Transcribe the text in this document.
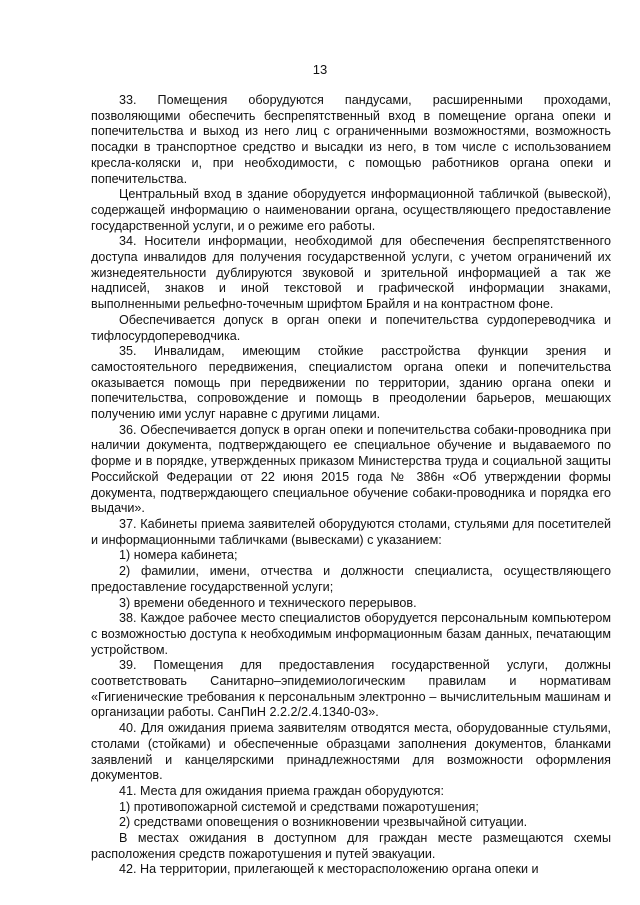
13

33. Помещения оборудуются пандусами, расширенными проходами, позволяющими обеспечить беспрепятственный вход в помещение органа опеки и попечительства и выход из него лиц с ограниченными возможностями, возможность посадки в транспортное средство и высадки из него, в том числе с использованием кресла-коляски и, при необходимости, с помощью работников органа опеки и попечительства.

Центральный вход в здание оборудуется информационной табличкой (вывеской), содержащей информацию о наименовании органа, осуществляющего предоставление государственной услуги, и о режиме его работы.

34. Носители информации, необходимой для обеспечения беспрепятственного доступа инвалидов для получения государственной услуги, с учетом ограничений их жизнедеятельности дублируются звуковой и зрительной информацией а так же надписей, знаков и иной текстовой и графической информации знаками, выполненными рельефно-точечным шрифтом Брайля и на контрастном фоне.

Обеспечивается допуск в орган опеки и попечительства сурдопереводчика и тифлосурдопереводчика.

35. Инвалидам, имеющим стойкие расстройства функции зрения и самостоятельного передвижения, специалистом органа опеки и попечительства оказывается помощь при передвижении по территории, зданию органа опеки и попечительства, сопровождение и помощь в преодолении барьеров, мешающих получению ими услуг наравне с другими лицами.

36. Обеспечивается допуск в орган опеки и попечительства собаки-проводника при наличии документа, подтверждающего ее специальное обучение и выдаваемого по форме и в порядке, утвержденных приказом Министерства труда и социальной защиты Российской Федерации от 22 июня 2015 года № 386н «Об утверждении формы документа, подтверждающего специальное обучение собаки-проводника и порядка его выдачи».

37. Кабинеты приема заявителей оборудуются столами, стульями для посетителей и информационными табличками (вывесками) с указанием:

1) номера кабинета;

2) фамилии, имени, отчества и должности специалиста, осуществляющего предоставление государственной услуги;

3) времени обеденного и технического перерывов.

38. Каждое рабочее место специалистов оборудуется персональным компьютером с возможностью доступа к необходимым информационным базам данных, печатающим устройством.

39. Помещения для предоставления государственной услуги, должны соответствовать Санитарно–эпидемиологическим правилам и нормативам «Гигиенические требования к персональным электронно – вычислительным машинам и организации работы. СанПиН 2.2.2/2.4.1340-03».

40. Для ожидания приема заявителям отводятся места, оборудованные стульями, столами (стойками) и обеспеченные образцами заполнения документов, бланками заявлений и канцелярскими принадлежностями для возможности оформления документов.

41. Места для ожидания приема граждан оборудуются:

1) противопожарной системой и средствами пожаротушения;

2) средствами оповещения о возникновении чрезвычайной ситуации.

В местах ожидания в доступном для граждан месте размещаются схемы расположения средств пожаротушения и путей эвакуации.

42. На территории, прилегающей к месторасположению органа опеки и
